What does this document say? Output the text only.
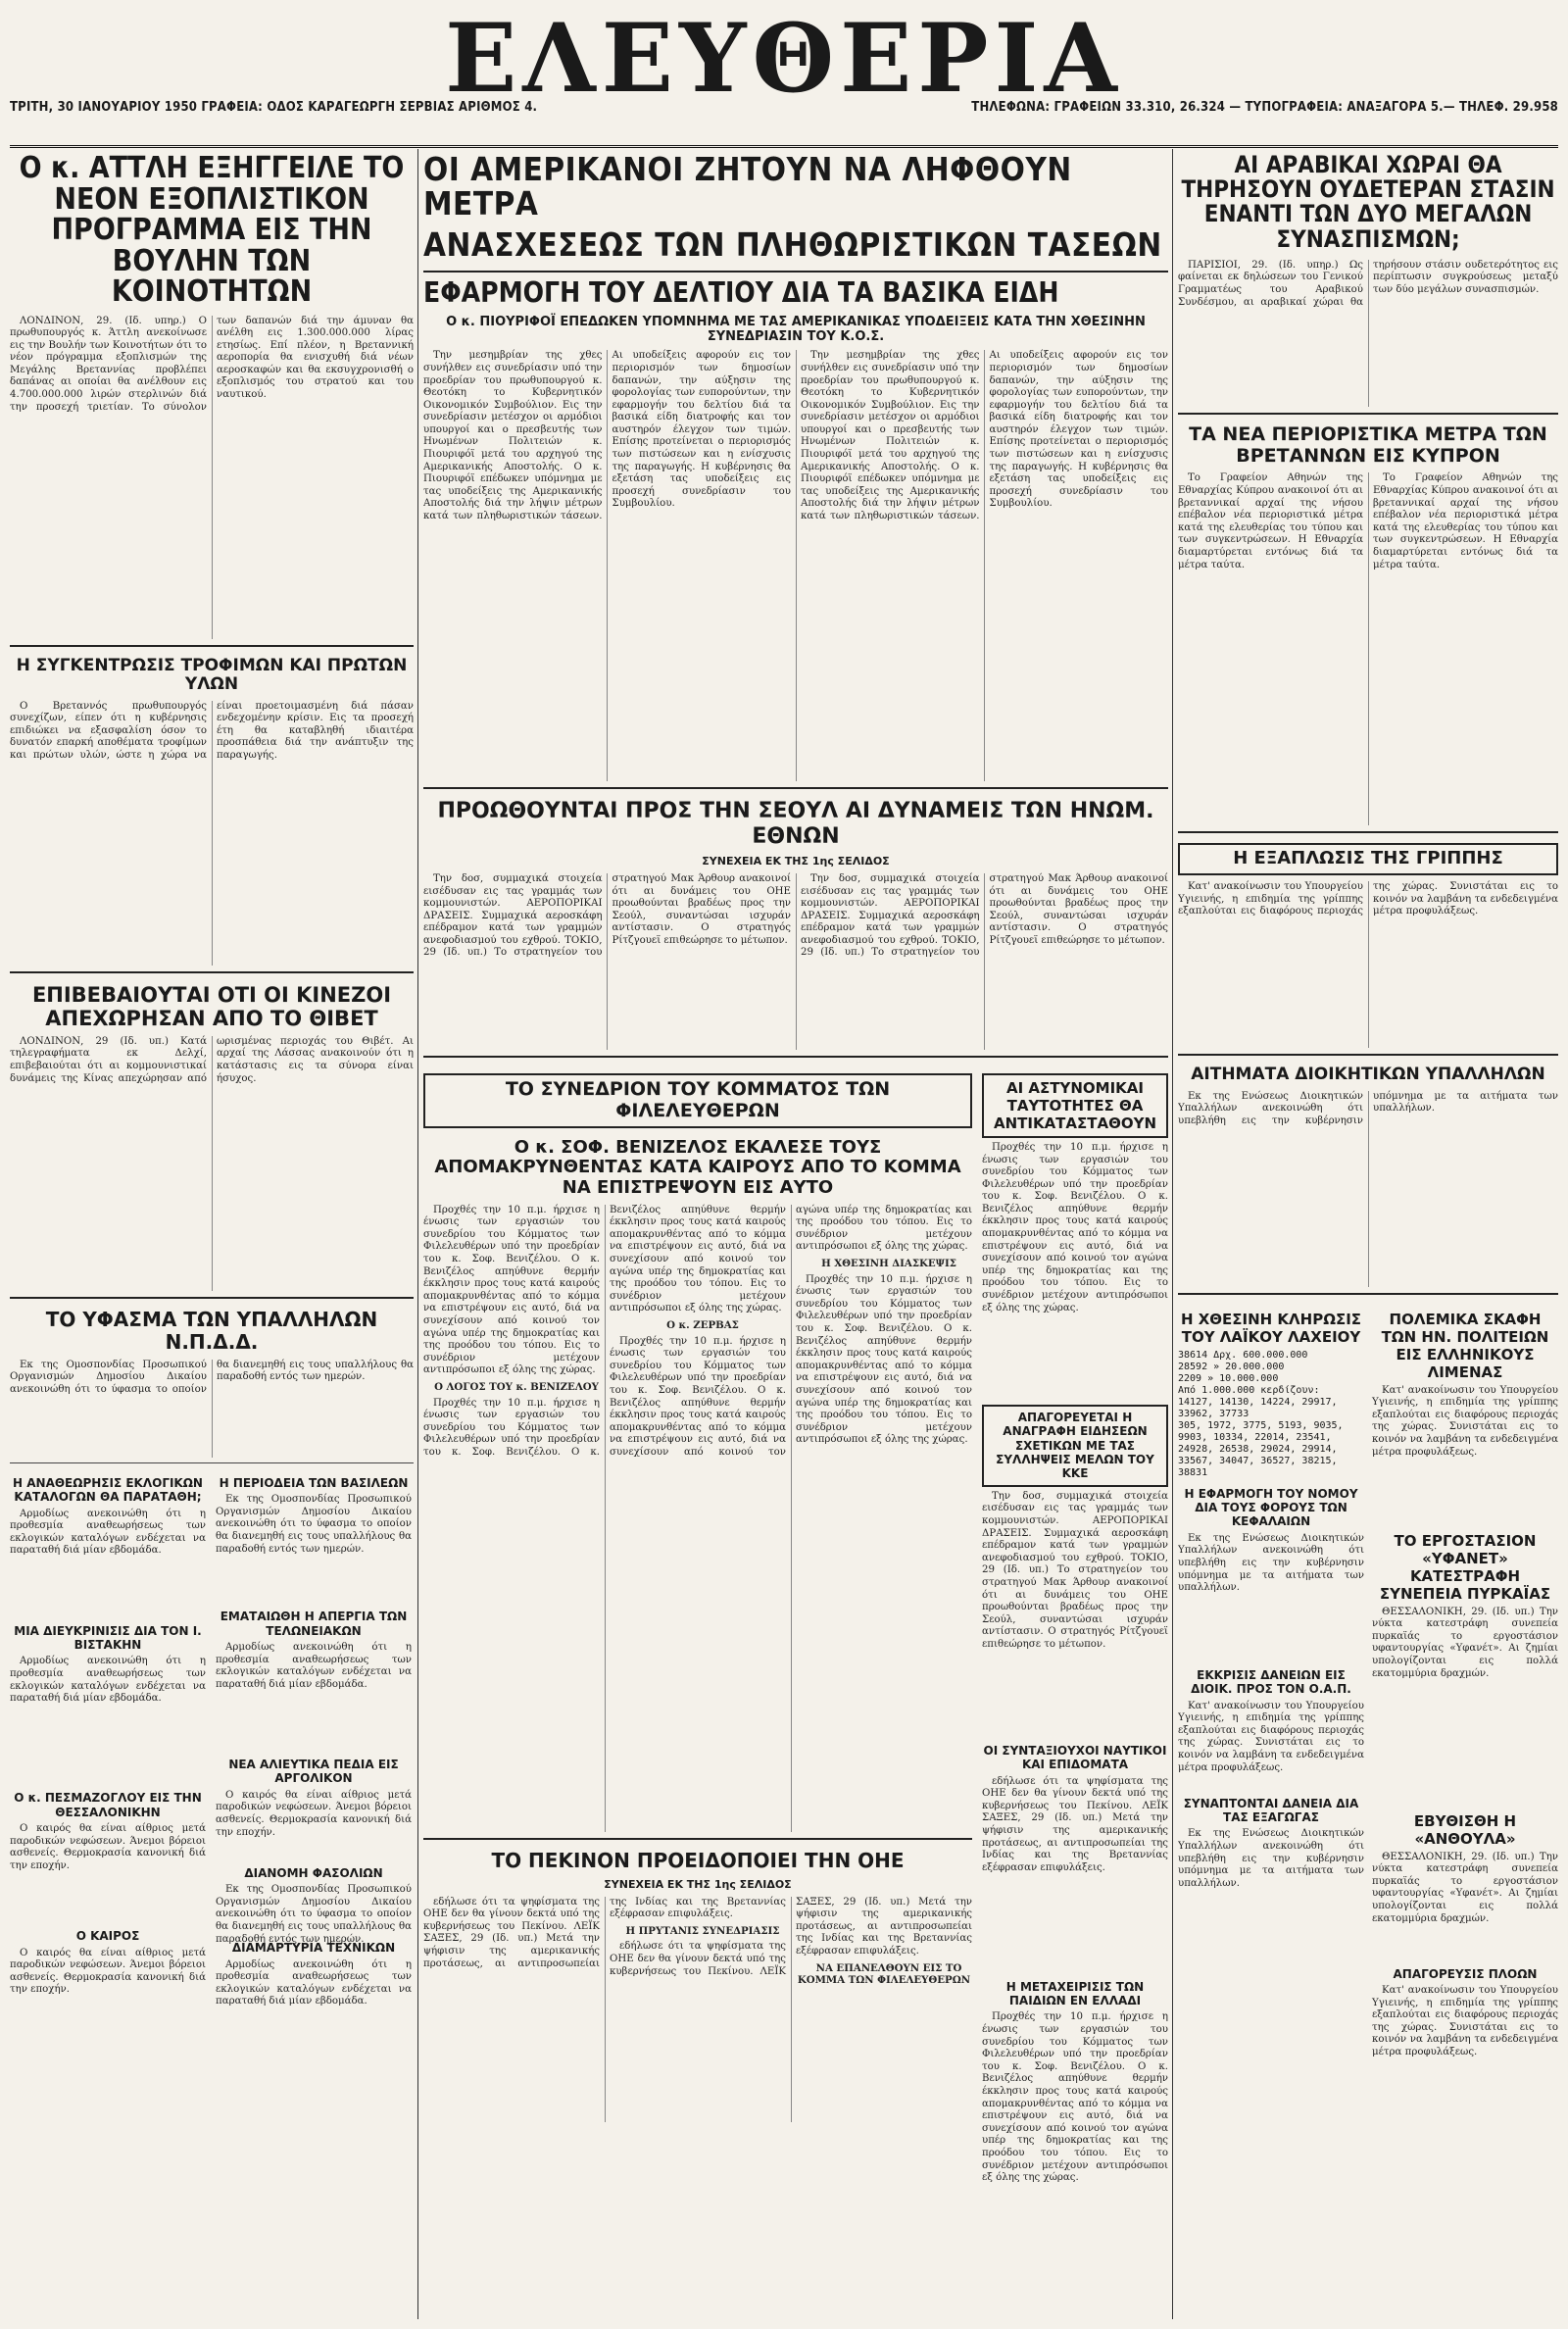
ΤΡΙΤΗ, 30 ΙΑΝΟΥΑΡΙΟΥ 1950 ΓΡΑΦΕΙΑ: ΟΔΟΣ ΚΑΡΑΓΕΩΡΓΗ ΣΕΡΒΙΑΣ ΑΡΙΘΜΟΣ 4.
ΕΛΕΥΘΕΡΙΑ
ΤΗΛΕΦΩΝΑ: ΓΡΑΦΕΙΩΝ 33.310, 26.324 — ΤΥΠΟΓΡΑΦΕΙΑ: ΑΝΑΞΑΓΟΡΑ 5.— ΤΗΛΕΦ. 29.958
Ο κ. ΑΤΤΛΗ ΕΞΗΓΓΕΙΛΕ ΤΟ ΝΕΟΝ ΕΞΟΠΛΙΣΤΙΚΟΝ ΠΡΟΓΡΑΜΜΑ ΕΙΣ ΤΗΝ ΒΟΥΛΗΝ ΤΩΝ ΚΟΙΝΟΤΗΤΩΝ

ΛΟΝΔΙΝΟΝ, 29. (Ιδ. υπηρ.) Ο πρωθυπουργός κ. Άττλη ανεκοίνωσε εις την Βουλήν των Κοινοτήτων ότι το νέον πρόγραμμα εξοπλισμών της Μεγάλης Βρεταννίας προβλέπει δαπάνας αι οποίαι θα ανέλθουν εις 4.700.000.000 λιρών στερλινών διά την προσεχή τριετίαν. Το σύνολον των δαπανών διά την άμυναν θα ανέλθη εις 1.300.000.000 λίρας ετησίως. Επί πλέον, η Βρεταννική αεροπορία θα ενισχυθή διά νέων αεροσκαφών και θα εκσυγχρονισθή ο εξοπλισμός του στρατού και του ναυτικού.

Η ΣΥΓΚΕΝΤΡΩΣΙΣ ΤΡΟΦΙΜΩΝ ΚΑΙ ΠΡΩΤΩΝ ΥΛΩΝ

Ο Βρεταννός πρωθυπουργός συνεχίζων, είπεν ότι η κυβέρνησις επιδιώκει να εξασφαλίση όσον το δυνατόν επαρκή αποθέματα τροφίμων και πρώτων υλών, ώστε η χώρα να είναι προετοιμασμένη διά πάσαν ενδεχομένην κρίσιν. Εις τα προσεχή έτη θα καταβληθή ιδιαιτέρα προσπάθεια διά την ανάπτυξιν της παραγωγής.

ΕΠΙΒΕΒΑΙΟΥΤΑΙ ΟΤΙ ΟΙ ΚΙΝΕΖΟΙ ΑΠΕΧΩΡΗΣΑΝ ΑΠΟ ΤΟ ΘΙΒΕΤ

ΛΟΝΔΙΝΟΝ, 29 (Ιδ. υπ.) Κατά τηλεγραφήματα εκ Δελχί, επιβεβαιούται ότι αι κομμουνιστικαί δυνάμεις της Κίνας απεχώρησαν από ωρισμένας περιοχάς του Θιβέτ. Αι αρχαί της Λάσσας ανακοινούν ότι η κατάστασις εις τα σύνορα είναι ήσυχος.

ΤΟ ΥΦΑΣΜΑ ΤΩΝ ΥΠΑΛΛΗΛΩΝ Ν.Π.Δ.Δ.

Εκ της Ομοσπονδίας Προσωπικού Οργανισμών Δημοσίου Δικαίου ανεκοινώθη ότι το ύφασμα το οποίον θα διανεμηθή εις τους υπαλλήλους θα παραδοθή εντός των ημερών.

Η ΑΝΑΘΕΩΡΗΣΙΣ ΕΚΛΟΓΙΚΩΝ ΚΑΤΑΛΟΓΩΝ ΘΑ ΠΑΡΑΤΑΘΗ;

Αρμοδίως ανεκοινώθη ότι η προθεσμία αναθεωρήσεως των εκλογικών καταλόγων ενδέχεται να παραταθή διά μίαν εβδομάδα.

ΜΙΑ ΔΙΕΥΚΡΙΝΙΣΙΣ ΔΙΑ ΤΟΝ Ι. ΒΙΣΤΑΚΗΝ

Αρμοδίως ανεκοινώθη ότι η προθεσμία αναθεωρήσεως των εκλογικών καταλόγων ενδέχεται να παραταθή διά μίαν εβδομάδα.

Ο κ. ΠΕΣΜΑΖΟΓΛΟΥ ΕΙΣ ΤΗΝ ΘΕΣΣΑΛΟΝΙΚΗΝ

Ο καιρός θα είναι αίθριος μετά παροδικών νεφώσεων. Άνεμοι βόρειοι ασθενείς. Θερμοκρασία κανονική διά την εποχήν.

Ο ΚΑΙΡΟΣ

Ο καιρός θα είναι αίθριος μετά παροδικών νεφώσεων. Άνεμοι βόρειοι ασθενείς. Θερμοκρασία κανονική διά την εποχήν.

Η ΠΕΡΙΟΔΕΙΑ ΤΩΝ ΒΑΣΙΛΕΩΝ

Εκ της Ομοσπονδίας Προσωπικού Οργανισμών Δημοσίου Δικαίου ανεκοινώθη ότι το ύφασμα το οποίον θα διανεμηθή εις τους υπαλλήλους θα παραδοθή εντός των ημερών.

ΕΜΑΤΑΙΩΘΗ Η ΑΠΕΡΓΙΑ ΤΩΝ ΤΕΛΩΝΕΙΑΚΩΝ

Αρμοδίως ανεκοινώθη ότι η προθεσμία αναθεωρήσεως των εκλογικών καταλόγων ενδέχεται να παραταθή διά μίαν εβδομάδα.

ΝΕΑ ΑΛΙΕΥΤΙΚΑ ΠΕΔΙΑ ΕΙΣ ΑΡΓΟΛΙΚΟΝ

Ο καιρός θα είναι αίθριος μετά παροδικών νεφώσεων. Άνεμοι βόρειοι ασθενείς. Θερμοκρασία κανονική διά την εποχήν.

ΔΙΑΝΟΜΗ ΦΑΣΟΛΙΩΝ

Εκ της Ομοσπονδίας Προσωπικού Οργανισμών Δημοσίου Δικαίου ανεκοινώθη ότι το ύφασμα το οποίον θα διανεμηθή εις τους υπαλλήλους θα παραδοθή εντός των ημερών.

ΔΙΑΜΑΡΤΥΡΙΑ ΤΕΧΝΙΚΩΝ

Αρμοδίως ανεκοινώθη ότι η προθεσμία αναθεωρήσεως των εκλογικών καταλόγων ενδέχεται να παραταθή διά μίαν εβδομάδα.

ΟΙ ΑΜΕΡΙΚΑΝΟΙ ΖΗΤΟΥΝ ΝΑ ΛΗΦΘΟΥΝ ΜΕΤΡΑ
ΑΝΑΣΧΕΣΕΩΣ ΤΩΝ ΠΛΗΘΩΡΙΣΤΙΚΩΝ ΤΑΣΕΩΝ
ΕΦΑΡΜΟΓΗ ΤΟΥ ΔΕΛΤΙΟΥ ΔΙΑ ΤΑ ΒΑΣΙΚΑ ΕΙΔΗ
Ο κ. ΠΙΟΥΡΙΦΟΪ ΕΠΕΔΩΚΕΝ ΥΠΟΜΝΗΜΑ ΜΕ ΤΑΣ ΑΜΕΡΙΚΑΝΙΚΑΣ ΥΠΟΔΕΙΞΕΙΣ ΚΑΤΑ ΤΗΝ ΧΘΕΣΙΝΗΝ ΣΥΝΕΔΡΙΑΣΙΝ ΤΟΥ Κ.Ο.Σ.

Την μεσημβρίαν της χθες συνήλθεν εις συνεδρίασιν υπό την προεδρίαν του πρωθυπουργού κ. Θεοτόκη το Κυβερνητικόν Οικονομικόν Συμβούλιον. Εις την συνεδρίασιν μετέσχον οι αρμόδιοι υπουργοί και ο πρεσβευτής των Ηνωμένων Πολιτειών κ. Πιουριφόϊ μετά του αρχηγού της Αμερικανικής Αποστολής. Ο κ. Πιουριφόϊ επέδωκεν υπόμνημα με τας υποδείξεις της Αμερικανικής Αποστολής διά την λήψιν μέτρων κατά των πληθωριστικών τάσεων. Αι υποδείξεις αφορούν εις τον περιορισμόν των δημοσίων δαπανών, την αύξησιν της φορολογίας των ευπορούντων, την εφαρμογήν του δελτίου διά τα βασικά είδη διατροφής και τον αυστηρόν έλεγχον των τιμών. Επίσης προτείνεται ο περιορισμός των πιστώσεων και η ενίσχυσις της παραγωγής. Η κυβέρνησις θα εξετάση τας υποδείξεις εις προσεχή συνεδρίασιν του Συμβουλίου.

Την μεσημβρίαν της χθες συνήλθεν εις συνεδρίασιν υπό την προεδρίαν του πρωθυπουργού κ. Θεοτόκη το Κυβερνητικόν Οικονομικόν Συμβούλιον. Εις την συνεδρίασιν μετέσχον οι αρμόδιοι υπουργοί και ο πρεσβευτής των Ηνωμένων Πολιτειών κ. Πιουριφόϊ μετά του αρχηγού της Αμερικανικής Αποστολής. Ο κ. Πιουριφόϊ επέδωκεν υπόμνημα με τας υποδείξεις της Αμερικανικής Αποστολής διά την λήψιν μέτρων κατά των πληθωριστικών τάσεων. Αι υποδείξεις αφορούν εις τον περιορισμόν των δημοσίων δαπανών, την αύξησιν της φορολογίας των ευπορούντων, την εφαρμογήν του δελτίου διά τα βασικά είδη διατροφής και τον αυστηρόν έλεγχον των τιμών. Επίσης προτείνεται ο περιορισμός των πιστώσεων και η ενίσχυσις της παραγωγής. Η κυβέρνησις θα εξετάση τας υποδείξεις εις προσεχή συνεδρίασιν του Συμβουλίου.

ΠΡΟΩΘΟΥΝΤΑΙ ΠΡΟΣ ΤΗΝ ΣΕΟΥΛ ΑΙ ΔΥΝΑΜΕΙΣ ΤΩΝ ΗΝΩΜ. ΕΘΝΩΝ
ΣΥΝΕΧΕΙΑ ΕΚ ΤΗΣ 1ης ΣΕΛΙΔΟΣ

Την δοσ, συμμαχικά στοιχεία εισέδυσαν εις τας γραμμάς των κομμουνιστών. ΑΕΡΟΠΟΡΙΚΑΙ ΔΡΑΣΕΙΣ. Συμμαχικά αεροσκάφη επέδραμον κατά των γραμμών ανεφοδιασμού του εχθρού. ΤΟΚΙΟ, 29 (Ιδ. υπ.) Το στρατηγείον του στρατηγού Μακ Άρθουρ ανακοινοί ότι αι δυνάμεις του ΟΗΕ προωθούνται βραδέως προς την Σεούλ, συναντώσαι ισχυράν αντίστασιν. Ο στρατηγός Ρίτζγουεϊ επιθεώρησε το μέτωπον.

Την δοσ, συμμαχικά στοιχεία εισέδυσαν εις τας γραμμάς των κομμουνιστών. ΑΕΡΟΠΟΡΙΚΑΙ ΔΡΑΣΕΙΣ. Συμμαχικά αεροσκάφη επέδραμον κατά των γραμμών ανεφοδιασμού του εχθρού. ΤΟΚΙΟ, 29 (Ιδ. υπ.) Το στρατηγείον του στρατηγού Μακ Άρθουρ ανακοινοί ότι αι δυνάμεις του ΟΗΕ προωθούνται βραδέως προς την Σεούλ, συναντώσαι ισχυράν αντίστασιν. Ο στρατηγός Ρίτζγουεϊ επιθεώρησε το μέτωπον.

ΤΟ ΣΥΝΕΔΡΙΟΝ ΤΟΥ ΚΟΜΜΑΤΟΣ ΤΩΝ ΦΙΛΕΛΕΥΘΕΡΩΝ
Ο κ. ΣΟΦ. ΒΕΝΙΖΕΛΟΣ ΕΚΑΛΕΣΕ ΤΟΥΣ ΑΠΟΜΑΚΡΥΝΘΕΝΤΑΣ ΚΑΤΑ ΚΑΙΡΟΥΣ ΑΠΟ ΤΟ ΚΟΜΜΑ ΝΑ ΕΠΙΣΤΡΕΨΟΥΝ ΕΙΣ ΑΥΤΟ

Προχθές την 10 π.μ. ήρχισε η ένωσις των εργασιών του συνεδρίου του Κόμματος των Φιλελευθέρων υπό την προεδρίαν του κ. Σοφ. Βενιζέλου. Ο κ. Βενιζέλος απηύθυνε θερμήν έκκλησιν προς τους κατά καιρούς απομακρυνθέντας από το κόμμα να επιστρέψουν εις αυτό, διά να συνεχίσουν από κοινού τον αγώνα υπέρ της δημοκρατίας και της προόδου του τόπου. Εις το συνέδριον μετέχουν αντιπρόσωποι εξ όλης της χώρας.

Ο ΛΟΓΟΣ ΤΟΥ κ. ΒΕΝΙΖΕΛΟΥ

Προχθές την 10 π.μ. ήρχισε η ένωσις των εργασιών του συνεδρίου του Κόμματος των Φιλελευθέρων υπό την προεδρίαν του κ. Σοφ. Βενιζέλου. Ο κ. Βενιζέλος απηύθυνε θερμήν έκκλησιν προς τους κατά καιρούς απομακρυνθέντας από το κόμμα να επιστρέψουν εις αυτό, διά να συνεχίσουν από κοινού τον αγώνα υπέρ της δημοκρατίας και της προόδου του τόπου. Εις το συνέδριον μετέχουν αντιπρόσωποι εξ όλης της χώρας.

Ο κ. ΖΕΡΒΑΣ

Προχθές την 10 π.μ. ήρχισε η ένωσις των εργασιών του συνεδρίου του Κόμματος των Φιλελευθέρων υπό την προεδρίαν του κ. Σοφ. Βενιζέλου. Ο κ. Βενιζέλος απηύθυνε θερμήν έκκλησιν προς τους κατά καιρούς απομακρυνθέντας από το κόμμα να επιστρέψουν εις αυτό, διά να συνεχίσουν από κοινού τον αγώνα υπέρ της δημοκρατίας και της προόδου του τόπου. Εις το συνέδριον μετέχουν αντιπρόσωποι εξ όλης της χώρας.

Η ΧΘΕΣΙΝΗ ΔΙΑΣΚΕΨΙΣ

Προχθές την 10 π.μ. ήρχισε η ένωσις των εργασιών του συνεδρίου του Κόμματος των Φιλελευθέρων υπό την προεδρίαν του κ. Σοφ. Βενιζέλου. Ο κ. Βενιζέλος απηύθυνε θερμήν έκκλησιν προς τους κατά καιρούς απομακρυνθέντας από το κόμμα να επιστρέψουν εις αυτό, διά να συνεχίσουν από κοινού τον αγώνα υπέρ της δημοκρατίας και της προόδου του τόπου. Εις το συνέδριον μετέχουν αντιπρόσωποι εξ όλης της χώρας.

ΤΟ ΠΕΚΙΝΟΝ ΠΡΟΕΙΔΟΠΟΙΕΙ ΤΗΝ ΟΗΕ
ΣΥΝΕΧΕΙΑ ΕΚ ΤΗΣ 1ης ΣΕΛΙΔΟΣ

εδήλωσε ότι τα ψηφίσματα της ΟΗΕ δεν θα γίνουν δεκτά υπό της κυβερνήσεως του Πεκίνου. ΛΕΪΚ ΣΑΞΕΣ, 29 (Ιδ. υπ.) Μετά την ψήφισιν της αμερικανικής προτάσεως, αι αντιπροσωπείαι της Ινδίας και της Βρεταννίας εξέφρασαν επιφυλάξεις.

Η ΠΡΥΤΑΝΙΣ ΣΥΝΕΔΡΙΑΣΙΣ

εδήλωσε ότι τα ψηφίσματα της ΟΗΕ δεν θα γίνουν δεκτά υπό της κυβερνήσεως του Πεκίνου. ΛΕΪΚ ΣΑΞΕΣ, 29 (Ιδ. υπ.) Μετά την ψήφισιν της αμερικανικής προτάσεως, αι αντιπροσωπείαι της Ινδίας και της Βρεταννίας εξέφρασαν επιφυλάξεις.

ΝΑ ΕΠΑΝΕΛΘΟΥΝ ΕΙΣ ΤΟ ΚΟΜΜΑ ΤΩΝ ΦΙΛΕΛΕΥΘΕΡΩΝ

ΑΙ ΑΣΤΥΝΟΜΙΚΑΙ ΤΑΥΤΟΤΗΤΕΣ ΘΑ ΑΝΤΙΚΑΤΑΣΤΑΘΟΥΝ

Προχθές την 10 π.μ. ήρχισε η ένωσις των εργασιών του συνεδρίου του Κόμματος των Φιλελευθέρων υπό την προεδρίαν του κ. Σοφ. Βενιζέλου. Ο κ. Βενιζέλος απηύθυνε θερμήν έκκλησιν προς τους κατά καιρούς απομακρυνθέντας από το κόμμα να επιστρέψουν εις αυτό, διά να συνεχίσουν από κοινού τον αγώνα υπέρ της δημοκρατίας και της προόδου του τόπου. Εις το συνέδριον μετέχουν αντιπρόσωποι εξ όλης της χώρας.

ΑΠΑΓΟΡΕΥΕΤΑΙ Η ΑΝΑΓΡΑΦΗ ΕΙΔΗΣΕΩΝ ΣΧΕΤΙΚΩΝ ΜΕ ΤΑΣ ΣΥΛΛΗΨΕΙΣ ΜΕΛΩΝ ΤΟΥ ΚΚΕ

Την δοσ, συμμαχικά στοιχεία εισέδυσαν εις τας γραμμάς των κομμουνιστών. ΑΕΡΟΠΟΡΙΚΑΙ ΔΡΑΣΕΙΣ. Συμμαχικά αεροσκάφη επέδραμον κατά των γραμμών ανεφοδιασμού του εχθρού. ΤΟΚΙΟ, 29 (Ιδ. υπ.) Το στρατηγείον του στρατηγού Μακ Άρθουρ ανακοινοί ότι αι δυνάμεις του ΟΗΕ προωθούνται βραδέως προς την Σεούλ, συναντώσαι ισχυράν αντίστασιν. Ο στρατηγός Ρίτζγουεϊ επιθεώρησε το μέτωπον.

ΟΙ ΣΥΝΤΑΞΙΟΥΧΟΙ ΝΑΥΤΙΚΟΙ ΚΑΙ ΕΠΙΔΟΜΑΤΑ

εδήλωσε ότι τα ψηφίσματα της ΟΗΕ δεν θα γίνουν δεκτά υπό της κυβερνήσεως του Πεκίνου. ΛΕΪΚ ΣΑΞΕΣ, 29 (Ιδ. υπ.) Μετά την ψήφισιν της αμερικανικής προτάσεως, αι αντιπροσωπείαι της Ινδίας και της Βρεταννίας εξέφρασαν επιφυλάξεις.

Η ΜΕΤΑΧΕΙΡΙΣΙΣ ΤΩΝ ΠΑΙΔΙΩΝ ΕΝ ΕΛΛΑΔΙ

Προχθές την 10 π.μ. ήρχισε η ένωσις των εργασιών του συνεδρίου του Κόμματος των Φιλελευθέρων υπό την προεδρίαν του κ. Σοφ. Βενιζέλου. Ο κ. Βενιζέλος απηύθυνε θερμήν έκκλησιν προς τους κατά καιρούς απομακρυνθέντας από το κόμμα να επιστρέψουν εις αυτό, διά να συνεχίσουν από κοινού τον αγώνα υπέρ της δημοκρατίας και της προόδου του τόπου. Εις το συνέδριον μετέχουν αντιπρόσωποι εξ όλης της χώρας.

ΑΙ ΑΡΑΒΙΚΑΙ ΧΩΡΑΙ ΘΑ ΤΗΡΗΣΟΥΝ ΟΥΔΕΤΕΡΑΝ ΣΤΑΣΙΝ ΕΝΑΝΤΙ ΤΩΝ ΔΥΟ ΜΕΓΑΛΩΝ ΣΥΝΑΣΠΙΣΜΩΝ;

ΠΑΡΙΣΙΟΙ, 29. (Ιδ. υπηρ.) Ως φαίνεται εκ δηλώσεων του Γενικού Γραμματέως του Αραβικού Συνδέσμου, αι αραβικαί χώραι θα τηρήσουν στάσιν ουδετερότητος εις περίπτωσιν συγκρούσεως μεταξύ των δύο μεγάλων συνασπισμών.

ΤΑ ΝΕΑ ΠΕΡΙΟΡΙΣΤΙΚΑ ΜΕΤΡΑ ΤΩΝ ΒΡΕΤΑΝΝΩΝ ΕΙΣ ΚΥΠΡΟΝ

Το Γραφείον Αθηνών της Εθναρχίας Κύπρου ανακοινοί ότι αι βρεταννικαί αρχαί της νήσου επέβαλον νέα περιοριστικά μέτρα κατά της ελευθερίας του τύπου και των συγκεντρώσεων. Η Εθναρχία διαμαρτύρεται εντόνως διά τα μέτρα ταύτα.

Το Γραφείον Αθηνών της Εθναρχίας Κύπρου ανακοινοί ότι αι βρεταννικαί αρχαί της νήσου επέβαλον νέα περιοριστικά μέτρα κατά της ελευθερίας του τύπου και των συγκεντρώσεων. Η Εθναρχία διαμαρτύρεται εντόνως διά τα μέτρα ταύτα.

Η ΕΞΑΠΛΩΣΙΣ ΤΗΣ ΓΡΙΠΠΗΣ

Κατ' ανακοίνωσιν του Υπουργείου Υγιεινής, η επιδημία της γρίππης εξαπλούται εις διαφόρους περιοχάς της χώρας. Συνιστάται εις το κοινόν να λαμβάνη τα ενδεδειγμένα μέτρα προφυλάξεως.

ΑΙΤΗΜΑΤΑ ΔΙΟΙΚΗΤΙΚΩΝ ΥΠΑΛΛΗΛΩΝ

Εκ της Ενώσεως Διοικητικών Υπαλλήλων ανεκοινώθη ότι υπεβλήθη εις την κυβέρνησιν υπόμνημα με τα αιτήματα των υπαλλήλων.

Η ΧΘΕΣΙΝΗ ΚΛΗΡΩΣΙΣ ΤΟΥ ΛΑΪΚΟΥ ΛΑΧΕΙΟΥ
38614 Δρχ. 600.000.000
28592 » 20.000.000
2209 » 10.000.000
Από 1.000.000 κερδίζουν:
14127, 14130, 14224, 29917, 33962, 37733
305, 1972, 3775, 5193, 9035, 9903, 10334, 22014, 23541, 24928, 26538, 29024, 29914, 33567, 34047, 36527, 38215, 38831
Η ΕΦΑΡΜΟΓΗ ΤΟΥ ΝΟΜΟΥ ΔΙΑ ΤΟΥΣ ΦΟΡΟΥΣ ΤΩΝ ΚΕΦΑΛΑΙΩΝ

Εκ της Ενώσεως Διοικητικών Υπαλλήλων ανεκοινώθη ότι υπεβλήθη εις την κυβέρνησιν υπόμνημα με τα αιτήματα των υπαλλήλων.

ΕΚΚΡΙΣΙΣ ΔΑΝΕΙΩΝ ΕΙΣ ΔΙΟΙΚ. ΠΡΟΣ ΤΟΝ Ο.Α.Π.

Κατ' ανακοίνωσιν του Υπουργείου Υγιεινής, η επιδημία της γρίππης εξαπλούται εις διαφόρους περιοχάς της χώρας. Συνιστάται εις το κοινόν να λαμβάνη τα ενδεδειγμένα μέτρα προφυλάξεως.

ΣΥΝΑΠΤΟΝΤΑΙ ΔΑΝΕΙΑ ΔΙΑ ΤΑΣ ΕΞΑΓΩΓΑΣ

Εκ της Ενώσεως Διοικητικών Υπαλλήλων ανεκοινώθη ότι υπεβλήθη εις την κυβέρνησιν υπόμνημα με τα αιτήματα των υπαλλήλων.

ΠΟΛΕΜΙΚΑ ΣΚΑΦΗ ΤΩΝ ΗΝ. ΠΟΛΙΤΕΙΩΝ ΕΙΣ ΕΛΛΗΝΙΚΟΥΣ ΛΙΜΕΝΑΣ

Κατ' ανακοίνωσιν του Υπουργείου Υγιεινής, η επιδημία της γρίππης εξαπλούται εις διαφόρους περιοχάς της χώρας. Συνιστάται εις το κοινόν να λαμβάνη τα ενδεδειγμένα μέτρα προφυλάξεως.

ΤΟ ΕΡΓΟΣΤΑΣΙΟΝ «ΥΦΑΝΕΤ» ΚΑΤΕΣΤΡΑΦΗ ΣΥΝΕΠΕΙΑ ΠΥΡΚΑΪΑΣ

ΘΕΣΣΑΛΟΝΙΚΗ, 29. (Ιδ. υπ.) Την νύκτα κατεστράφη συνεπεία πυρκαϊάς το εργοστάσιον υφαντουργίας «Υφανέτ». Αι ζημίαι υπολογίζονται εις πολλά εκατομμύρια δραχμών.

ΕΒΥΘΙΣΘΗ Η «ΑΝΘΟΥΛΑ»

ΘΕΣΣΑΛΟΝΙΚΗ, 29. (Ιδ. υπ.) Την νύκτα κατεστράφη συνεπεία πυρκαϊάς το εργοστάσιον υφαντουργίας «Υφανέτ». Αι ζημίαι υπολογίζονται εις πολλά εκατομμύρια δραχμών.

ΑΠΑΓΟΡΕΥΣΙΣ ΠΛΟΩΝ

Κατ' ανακοίνωσιν του Υπουργείου Υγιεινής, η επιδημία της γρίππης εξαπλούται εις διαφόρους περιοχάς της χώρας. Συνιστάται εις το κοινόν να λαμβάνη τα ενδεδειγμένα μέτρα προφυλάξεως.
